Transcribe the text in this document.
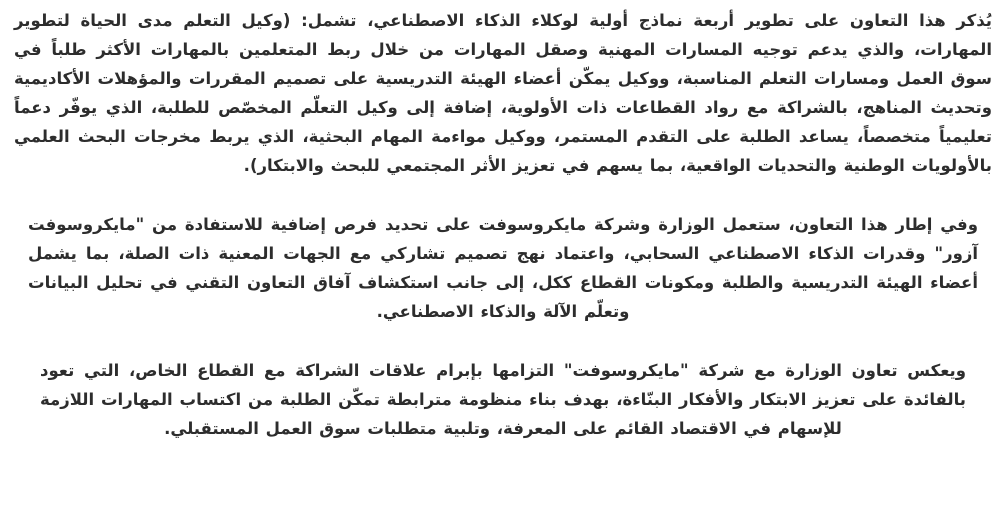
يُذكر هذا التعاون على تطوير أربعة نماذج أولية لوكلاء الذكاء الاصطناعي، تشمل: (وكيل التعلم مدى الحياة لتطوير المهارات، والذي يدعم توجيه المسارات المهنية وصقل المهارات من خلال ربط المتعلمين بالمهارات الأكثر طلباً في سوق العمل ومسارات التعلم المناسبة، ووكيل يمكّن أعضاء الهيئة التدريسية على تصميم المقررات والمؤهلات الأكاديمية وتحديث المناهج، بالشراكة مع رواد القطاعات ذات الأولوية، إضافة إلى وكيل التعلّم المخصّص للطلبة، الذي يوفّر دعماً تعليمياً متخصصاً، يساعد الطلبة على التقدم المستمر، ووكيل مواءمة المهام البحثية، الذي يربط مخرجات البحث العلمي بالأولويات الوطنية والتحديات الواقعية، بما يسهم في تعزيز الأثر المجتمعي للبحث والابتكار).

وفي إطار هذا التعاون، ستعمل الوزارة وشركة مايكروسوفت على تحديد فرص إضافية للاستفادة من "مايكروسوفت آزور" وقدرات الذكاء الاصطناعي السحابي، واعتماد نهج تصميم تشاركي مع الجهات المعنية ذات الصلة، بما يشمل أعضاء الهيئة التدريسية والطلبة ومكونات القطاع ككل، إلى جانب استكشاف آفاق التعاون التقني في تحليل البيانات وتعلّم الآلة والذكاء الاصطناعي.

ويعكس تعاون الوزارة مع شركة "مايكروسوفت" التزامها بإبرام علاقات الشراكة مع القطاع الخاص، التي تعود بالفائدة على تعزيز الابتكار والأفكار البنّاءة، بهدف بناء منظومة مترابطة تمكّن الطلبة من اكتساب المهارات اللازمة للإسهام في الاقتصاد القائم على المعرفة، وتلبية متطلبات سوق العمل المستقبلي.
